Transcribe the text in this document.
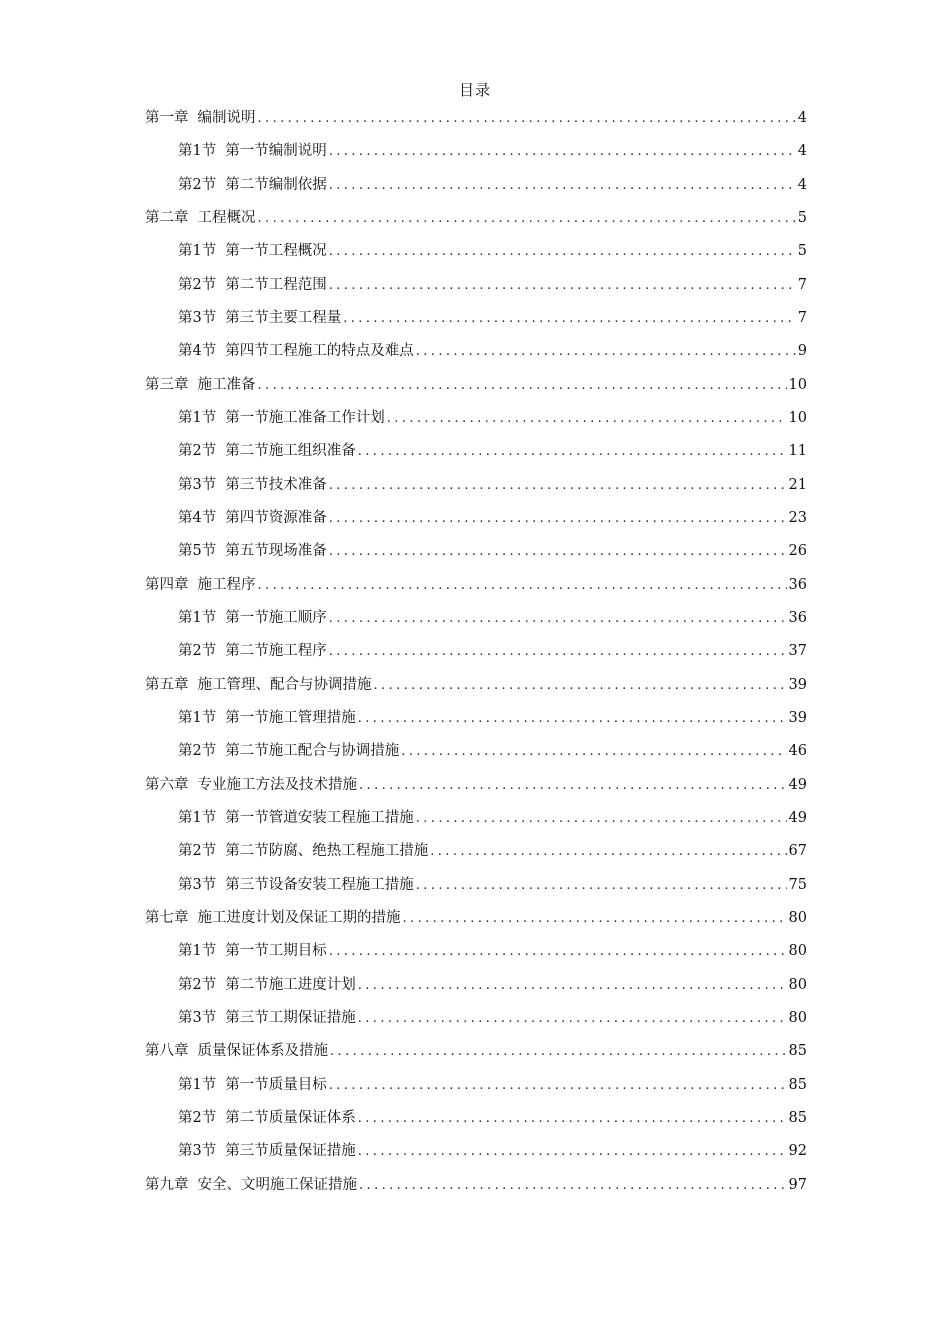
目录
第一章 编制说明 .....	4
第1节 第一节编制说明 .....	4
第2节 第二节编制依据 .....	4
第二章 工程概况 .....	5
第1节 第一节工程概况 .....	5
第2节 第二节工程范围 .....	7
第3节 第三节主要工程量 .....	7
第4节 第四节工程施工的特点及难点 .....	9
第三章 施工准备 .....	10
第1节 第一节施工准备工作计划 .....	10
第2节 第二节施工组织准备 .....	11
第3节 第三节技术准备 .....	21
第4节 第四节资源准备 .....	23
第5节 第五节现场准备 .....	26
第四章 施工程序 .....	36
第1节 第一节施工顺序 .....	36
第2节 第二节施工程序 .....	37
第五章 施工管理、配合与协调措施 .....	39
第1节 第一节施工管理措施 .....	39
第2节 第二节施工配合与协调措施 .....	46
第六章 专业施工方法及技术措施 .....	49
第1节 第一节管道安装工程施工措施 .....	49
第2节 第二节防腐、绝热工程施工措施 .....	67
第3节 第三节设备安装工程施工措施 .....	75
第七章 施工进度计划及保证工期的措施 .....	80
第1节 第一节工期目标 .....	80
第2节 第二节施工进度计划 .....	80
第3节 第三节工期保证措施 .....	80
第八章 质量保证体系及措施 .....	85
第1节 第一节质量目标 .....	85
第2节 第二节质量保证体系 .....	85
第3节 第三节质量保证措施 .....	92
第九章 安全、文明施工保证措施 .....	97
